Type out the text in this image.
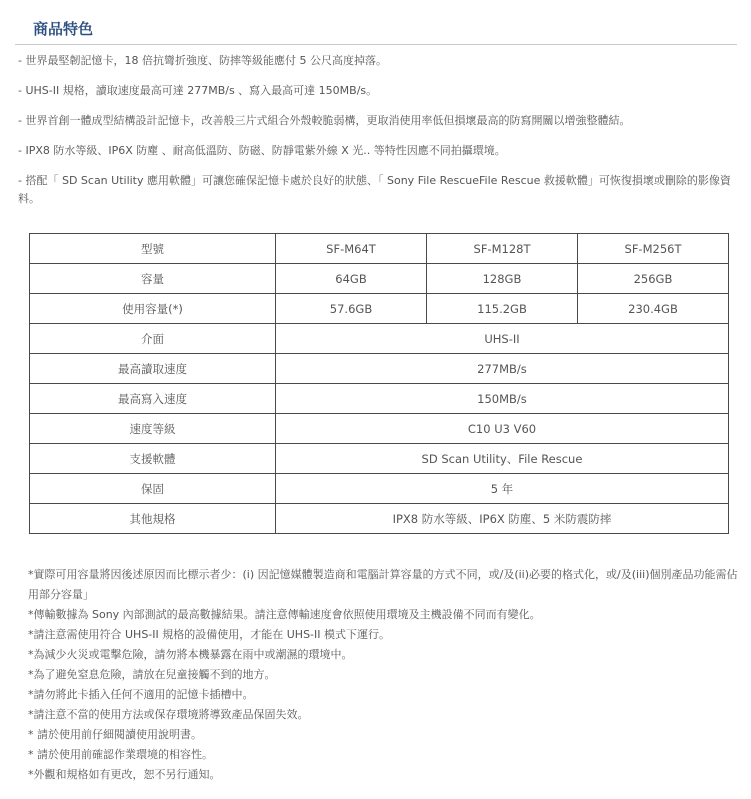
商品特色
- 世界最堅韌記憶卡，18 倍抗彎折強度、防摔等級能應付 5 公尺高度掉落。
- UHS-II 規格，讀取速度最高可達 277MB/s 、寫入最高可達 150MB/s。
- 世界首創一體成型結構設計記憶卡，改善般三片式組合外殼較脆弱構，更取消使用率低但損壞最高的防寫開關以增強整體結。
- IPX8 防水等級、IP6X 防塵 、耐高低溫防、防磁、防靜電紫外線 X 光.. 等特性因應不同拍攝環境。
- 搭配「 SD Scan Utility 應用軟體」可讓您確保記憶卡處於良好的狀態、「 Sony File RescueFile Rescue 救援軟體」可恢復損壞或刪除的影像資料。
型號	SF-M64T	SF-M128T	SF-M256T
容量	64GB	128GB	256GB
使用容量(*)	57.6GB	115.2GB	230.4GB
介面	UHS-II		
最高讀取速度	277MB/s		
最高寫入速度	150MB/s		
速度等級	C10 U3 V60		
支援軟體	SD Scan Utility、File Rescue		
保固	5 年		
其他規格	IPX8 防水等級、IP6X 防塵、5 米防震防摔		
*實際可用容量將因後述原因而比標示者少：(i) 因記憶媒體製造商和電腦計算容量的方式不同，或/及(ii)必要的格式化，或/及(iii)個別產品功能需佔用部分容量」
*傳輸數據為 Sony 內部測試的最高數據結果。請注意傳輸速度會依照使用環境及主機設備不同而有變化。
*請注意需使用符合 UHS-II 規格的設備使用，才能在 UHS-II 模式下運行。
*為減少火災或電擊危險，請勿將本機暴露在雨中或潮濕的環境中。
*為了避免窒息危險，請放在兒童接觸不到的地方。
*請勿將此卡插入任何不適用的記憶卡插槽中。
*請注意不當的使用方法或保存環境將導致產品保固失效。
* 請於使用前仔細閱讀使用說明書。
* 請於使用前確認作業環境的相容性。
*外觀和規格如有更改，恕不另行通知。
